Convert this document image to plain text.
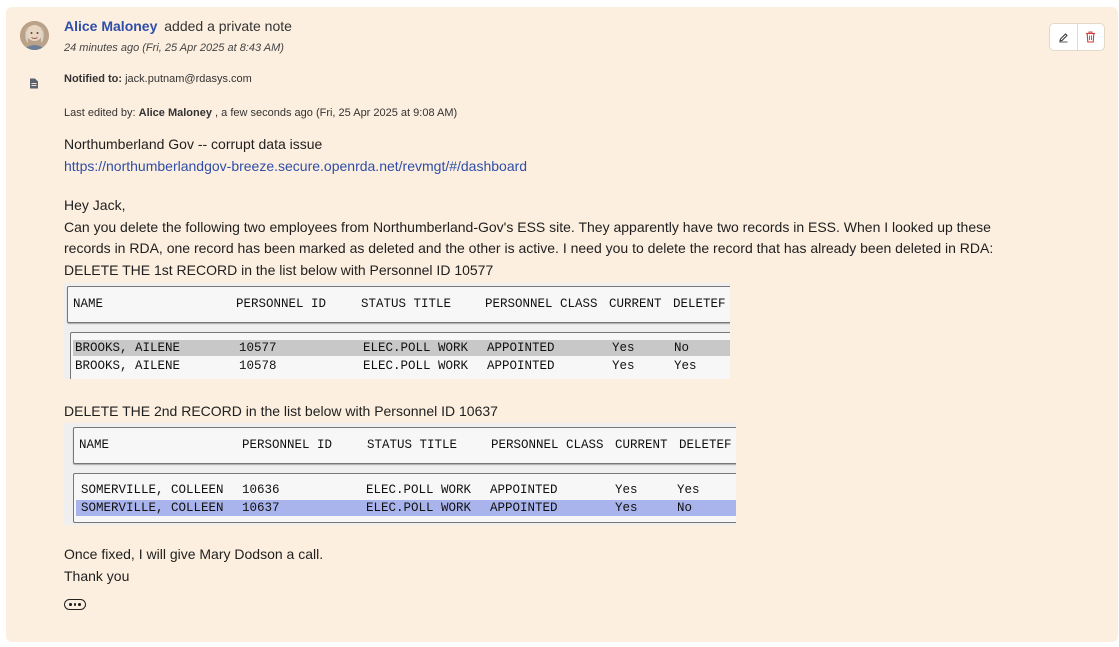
Alice Maloney added a private note
24 minutes ago (Fri, 25 Apr 2025 at 8:43 AM)
Notified to: jack.putnam@rdasys.com
Last edited by: Alice Maloney , a few seconds ago (Fri, 25 Apr 2025 at 9:08 AM)
Northumberland Gov -- corrupt data issue
https://northumberlandgov-breeze.secure.openrda.net/revmgt/#/dashboard
Hey Jack,
Can you delete the following two employees from Northumberland-Gov's ESS site. They apparently have two records in ESS. When I looked up these
records in RDA, one record has been marked as deleted and the other is active. I need you to delete the record that has already been deleted in RDA:
DELETE THE 1st RECORD in the list below with Personnel ID 10577
NAME	PERSONNEL ID	STATUS TITLE	PERSONNEL CLASS CURRENT DELETEF
BROOKS, AILENE	10577	ELEC.POLL WORK APPOINTED	Yes	No
BROOKS, AILENE	10578	ELEC.POLL WORK APPOINTED	Yes	Yes
DELETE THE 2nd RECORD in the list below with Personnel ID 10637
NAME	PERSONNEL ID	STATUS TITLE	PERSONNEL CLASS CURRENT DELETEF
SOMERVILLE, COLLEEN 10636	ELEC.POLL WORK APPOINTED	Yes	Yes
SOMERVILLE, COLLEEN 10637	ELEC.POLL WORK APPOINTED	Yes	No
Once fixed, I will give Mary Dodson a call.
Thank you
